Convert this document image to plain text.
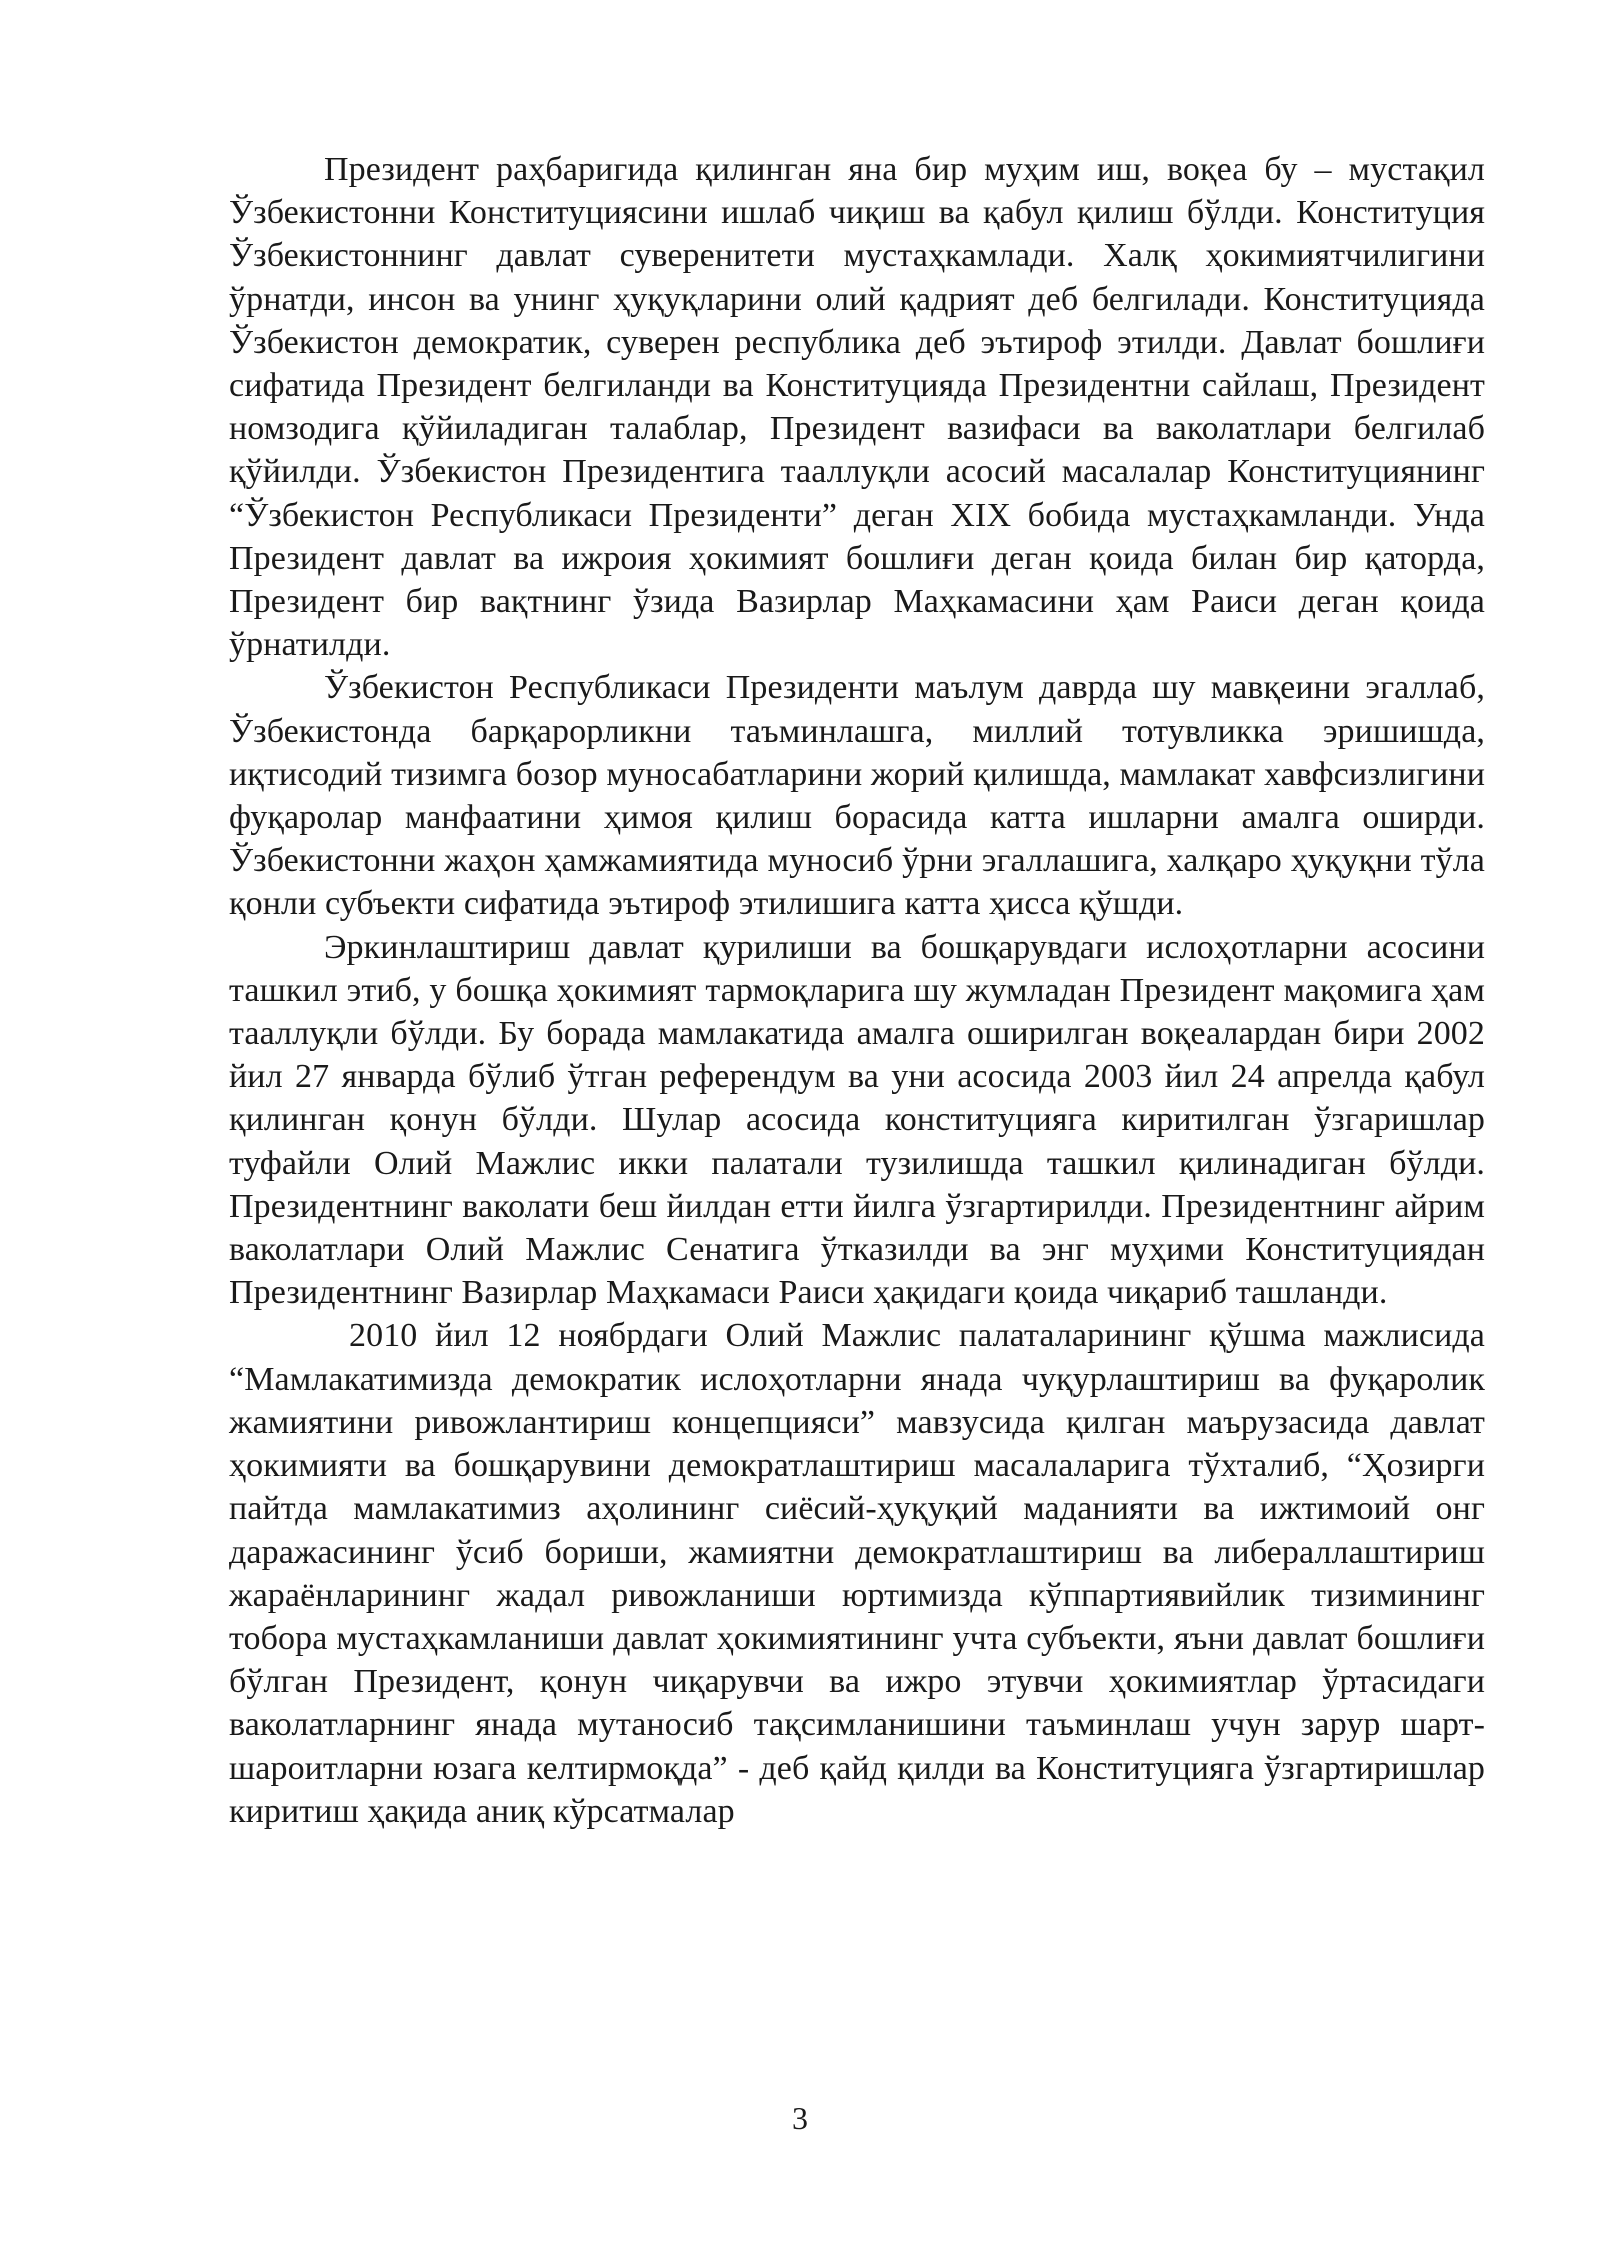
Президент раҳбаригида қилинган яна бир муҳим иш, воқеа бу – мустақил Ўзбекистонни Конституциясини ишлаб чиқиш ва қабул қилиш бўлди. Конституция Ўзбекистоннинг давлат суверенитети мустаҳкамлади. Халқ ҳокимиятчилигини ўрнатди, инсон ва унинг ҳуқуқларини олий қадрият деб белгилади. Конституцияда Ўзбекистон демократик, суверен республика деб эътироф этилди. Давлат бошлиғи сифатида Президент белгиланди ва Конституцияда Президентни сайлаш, Президент номзодига қўйиладиган талаблар, Президент вазифаси ва ваколатлари белгилаб қўйилди. Ўзбекистон Президентига тааллуқли асосий масалалар Конституциянинг “Ўзбекистон Республикаси Президенти” деган XIX бобида мустаҳкамланди. Унда Президент давлат ва ижроия ҳокимият бошлиғи деган қоида билан бир қаторда, Президент бир вақтнинг ўзида Вазирлар Маҳкамасини ҳам Раиси деган қоида ўрнатилди.

Ўзбекистон Республикаси Президенти маълум даврда шу мавқеини эгаллаб, Ўзбекистонда барқарорликни таъминлашга, миллий тотувликка эришишда, иқтисодий тизимга бозор муносабатларини жорий қилишда, мамлакат хавфсизлигини фуқаролар манфаатини ҳимоя қилиш борасида катта ишларни амалга оширди. Ўзбекистонни жаҳон ҳамжамиятида муносиб ўрни эгаллашига, халқаро ҳуқуқни тўла қонли субъекти сифатида эътироф этилишига катта ҳисса қўшди.

Эркинлаштириш давлат қурилиши ва бошқарувдаги ислоҳотларни асосини ташкил этиб, у бошқа ҳокимият тармоқларига шу жумладан Президент мақомига ҳам тааллуқли бўлди. Бу борада мамлакатида амалга оширилган воқеалардан бири 2002 йил 27 январда бўлиб ўтган референдум ва уни асосида 2003 йил 24 апрелда қабул қилинган қонун бўлди. Шулар асосида конституцияга киритилган ўзгаришлар туфайли Олий Мажлис икки палатали тузилишда ташкил қилинадиган бўлди. Президентнинг ваколати беш йилдан етти йилга ўзгартирилди. Президентнинг айрим ваколатлари Олий Мажлис Сенатига ўтказилди ва энг муҳими Конституциядан Президентнинг Вазирлар Маҳкамаси Раиси ҳақидаги қоида чиқариб ташланди.

2010 йил 12 ноябрдаги Олий Мажлис палаталарининг қўшма мажлисида “Мамлакатимизда демократик ислоҳотларни янада чуқурлаштириш ва фуқаролик жамиятини ривожлантириш концепцияси” мавзусида қилган маърузасида давлат ҳокимияти ва бошқарувини демократлаштириш масалаларига тўхталиб, “Ҳозирги пайтда мамлакатимиз аҳолининг сиёсий-ҳуқуқий маданияти ва ижтимоий онг даражасининг ўсиб бориши, жамиятни демократлаштириш ва либераллаштириш жараёнларининг жадал ривожланиши юртимизда кўппартиявийлик тизимининг тобора мустаҳкамланиши давлат ҳокимиятининг учта субъекти, яъни давлат бошлиғи бўлган Президент, қонун чиқарувчи ва ижро этувчи ҳокимиятлар ўртасидаги ваколатларнинг янада мутаносиб тақсимланишини таъминлаш учун зарур шарт-шароитларни юзага келтирмоқда” - деб қайд қилди ва Конституцияга ўзгартиришлар киритиш ҳақида аниқ кўрсатмалар

3
